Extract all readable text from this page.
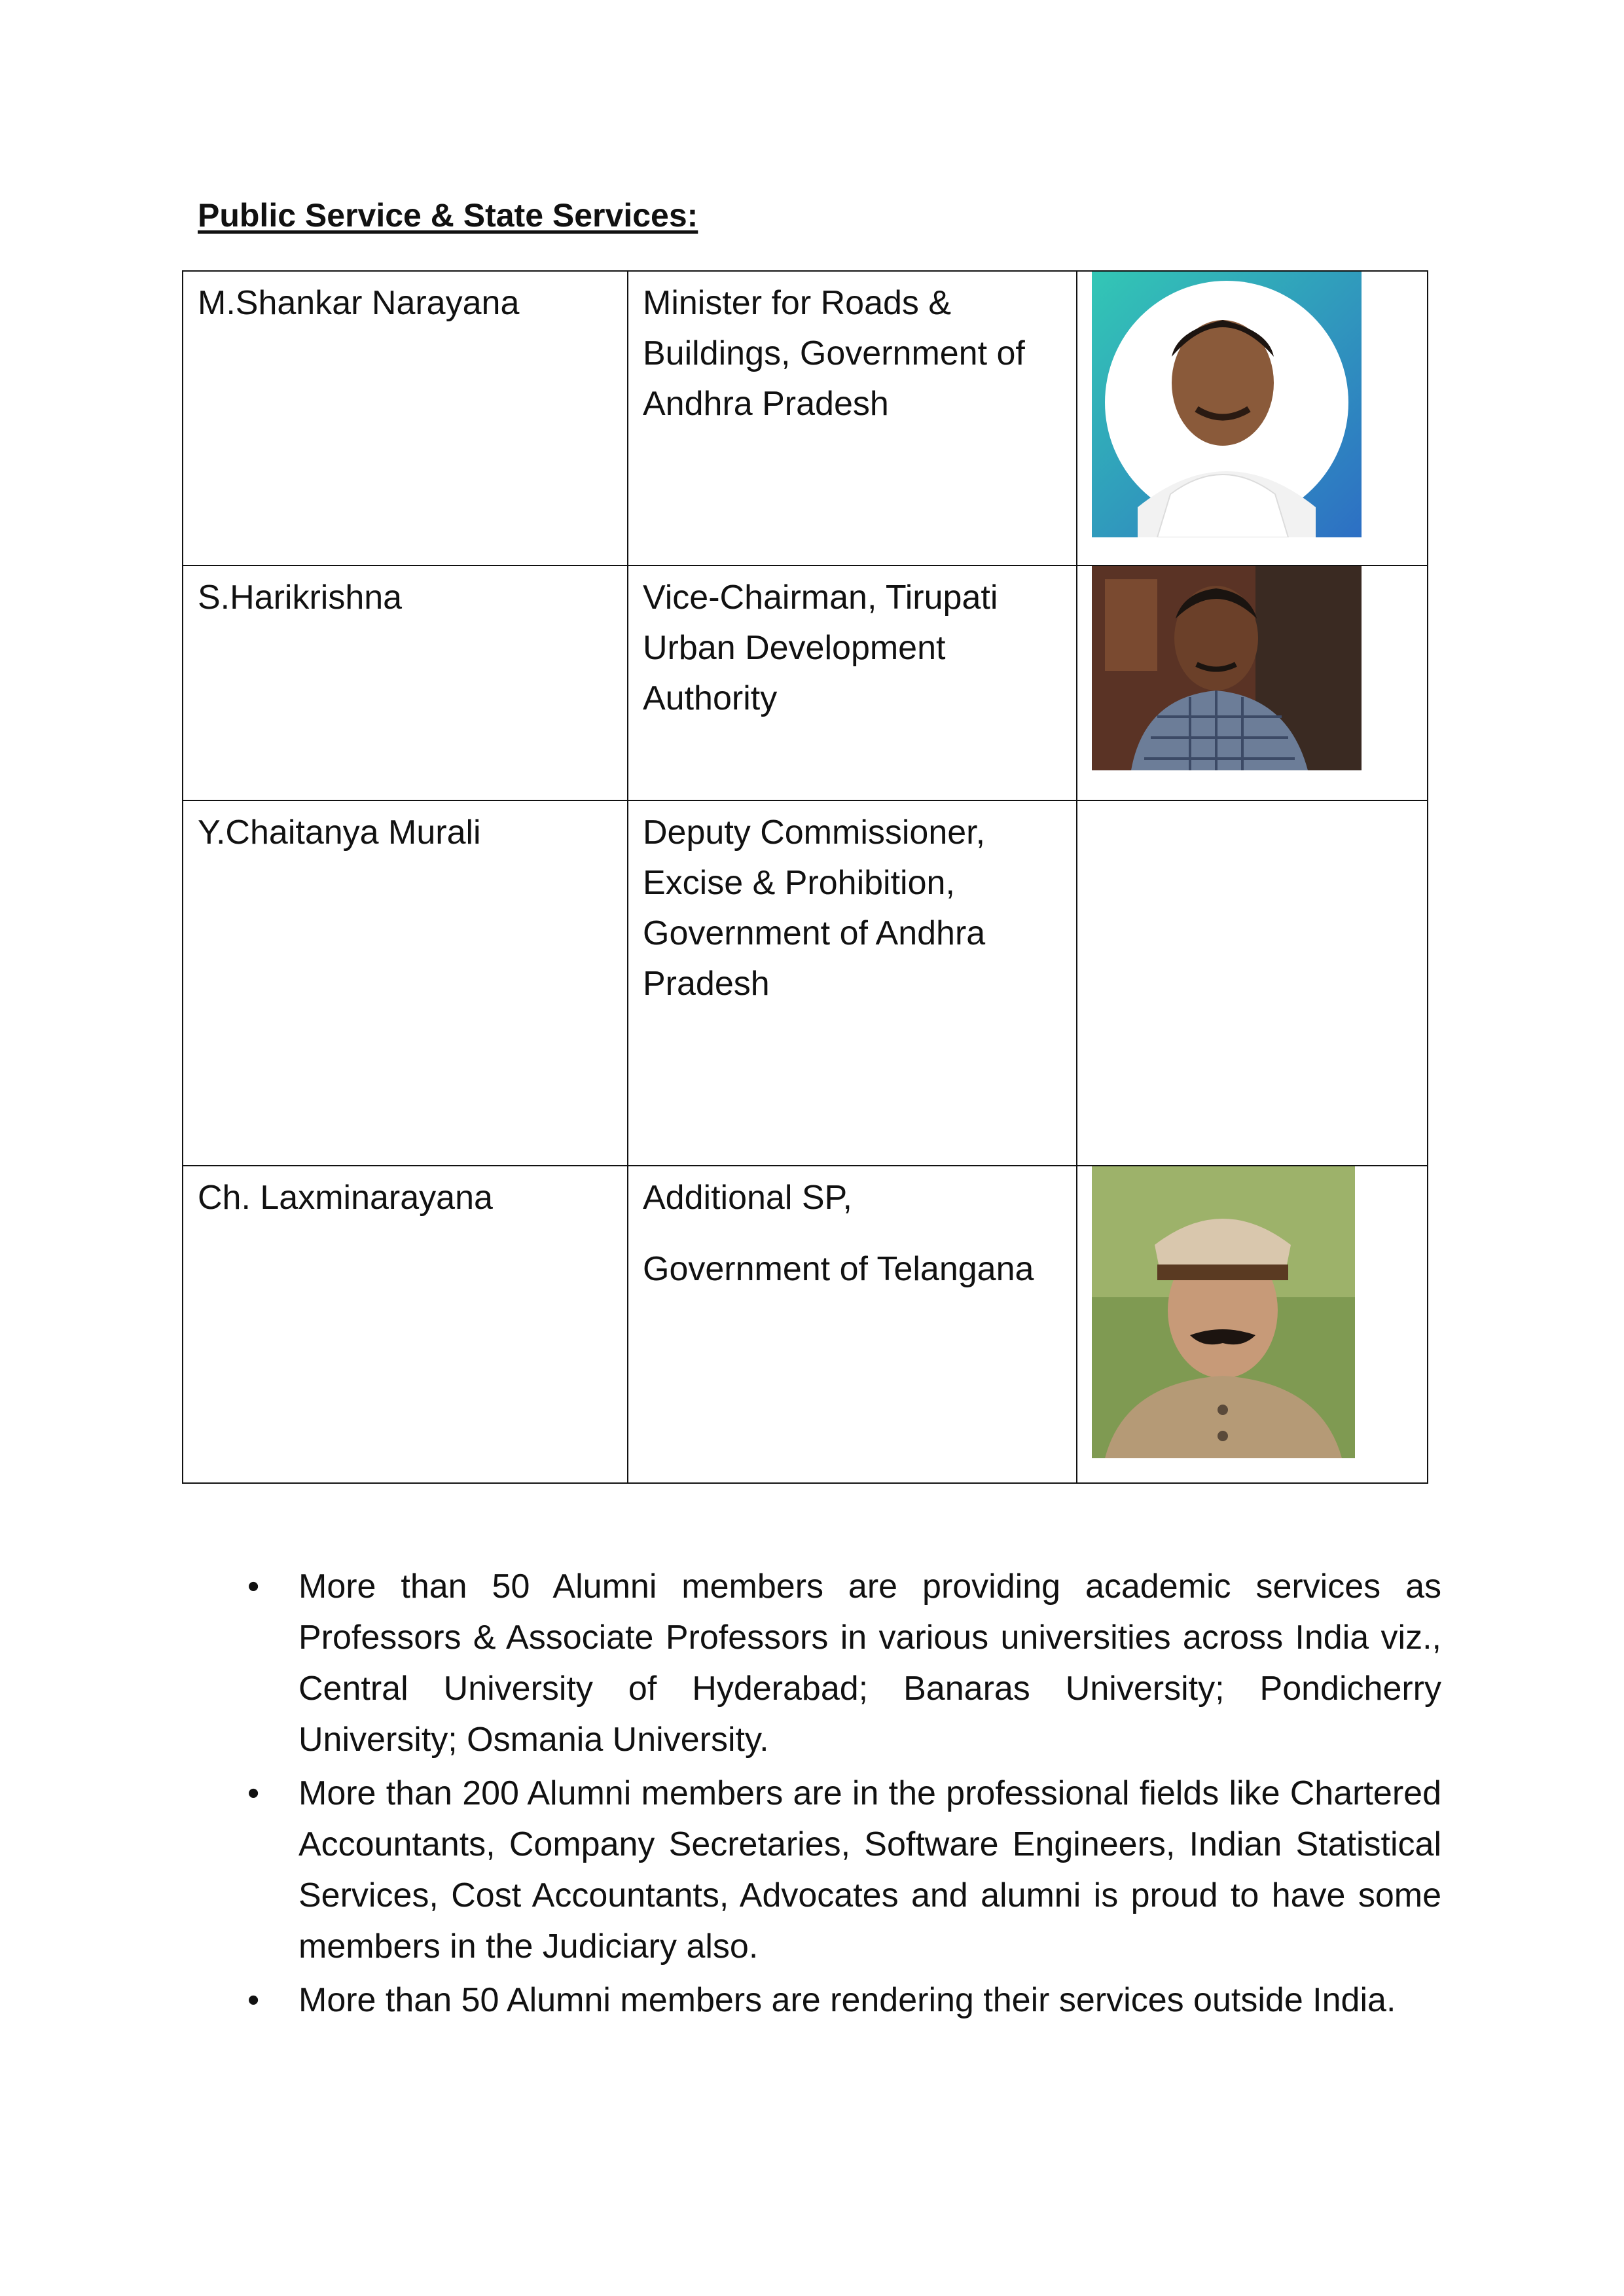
Public Service & State Services:
M.Shankar Narayana	Minister for Roads & Buildings, Government of Andhra Pradesh

S.Harikrishna	Vice-Chairman, Tirupati Urban Development Authority

Y.Chaitanya Murali	Deputy Commissioner, Excise & Prohibition, Government of Andhra Pradesh	

Ch. Laxminarayana	Additional SP,
Government of Telangana

• More than 50 Alumni members are providing academic services as Professors & Associate Professors in various universities across India viz., Central University of Hyderabad; Banaras University; Pondicherry University; Osmania University.
• More than 200 Alumni members are in the professional fields like Chartered Accountants, Company Secretaries, Software Engineers, Indian Statistical Services, Cost Accountants, Advocates and alumni is proud to have some members in the Judiciary also.
• More than 50 Alumni members are rendering their services outside India.
